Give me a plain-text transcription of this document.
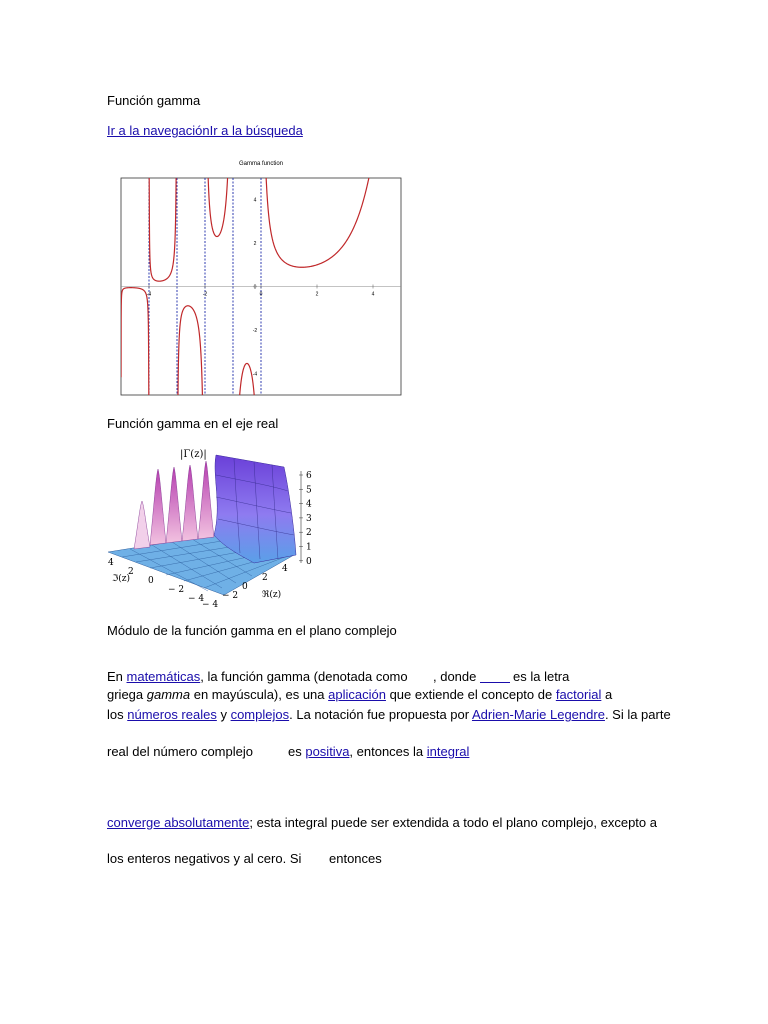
Función gamma
Ir a la navegaciónIr a la búsqueda
Gamma function
-4	-2	0	2	4
4
2
0
-2
-4
Función gamma en el eje real
6
5
4
3
2
1
0
− 4
− 2
0
2
4
4
2
0
− 2
− 4
|Γ(z)|
ℜ(z)
ℑ(z)
Módulo de la función gamma en el plano complejo
En matemáticas, la función gamma (denotada como , donde	es la letra
griega gamma en mayúscula), es una aplicación que extiende el concepto de factorial a
los números reales y complejos. La notación fue propuesta por Adrien-Marie Legendre. Si la parte
real del número complejo	es positiva, entonces la integral
converge absolutamente; esta integral puede ser extendida a todo el plano complejo, excepto a
los enteros negativos y al cero. Si entonces
